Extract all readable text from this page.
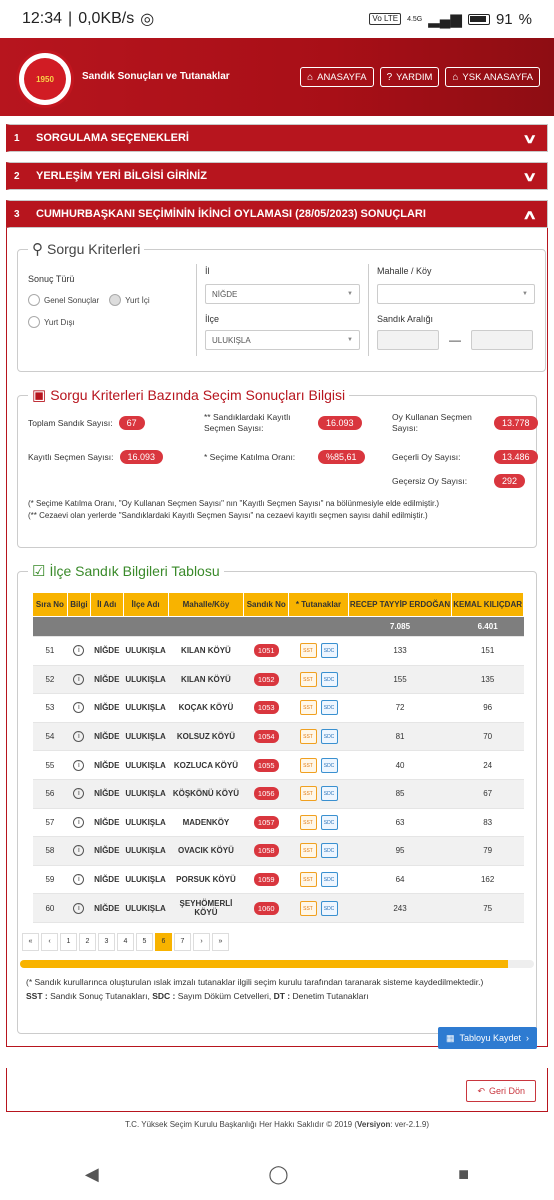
12:34 | 0,0KB/s ◎	Vo LTE	4.5G ▂▄▆ 91 %
1950	Sandık Sonuçları ve Tutanaklar	⌂ ANASAYFA ? YARDIM ⌂ YSK ANASAYFA
1	SORGULAMA SEÇENEKLERİ	∨
2	YERLEŞİM YERİ BİLGİSİ GİRİNİZ	∨
3	CUMHURBAŞKANI SEÇİMİNİN İKİNCİ OYLAMASI (28/05/2023) SONUÇLARI	∧
⚲ Sorgu Kriterleri
Sonuç Türü
Genel Sonuçlar	Yurt İçi
Yurt Dışı
İl
NİĞDE	▼
İlçe
ULUKIŞLA	▼
Mahalle / Köy
▼
Sandık Aralığı
—
▣ Sorgu Kriterleri Bazında Seçim Sonuçları Bilgisi
Toplam Sandık Sayısı:	67
** Sandıklardaki Kayıtlı Seçmen Sayısı:	16.093
Oy Kullanan Seçmen Sayısı:	13.778
Kayıtlı Seçmen Sayısı:	16.093	* Seçime Katılma Oranı:	%85,61	Geçerli Oy Sayısı:	13.486
Geçersiz Oy Sayısı:	292
(* Seçime Katılma Oranı, "Oy Kullanan Seçmen Sayısı" nın "Kayıtlı Seçmen Sayısı" na bölünmesiyle elde edilmiştir.)
(** Cezaevi olan yerlerde "Sandıklardaki Kayıtlı Seçmen Sayısı" na cezaevi kayıtlı seçmen sayısı dahil edilmiştir.)
☑ İlçe Sandık Bilgileri Tablosu
Sıra No	Bilgi	İl Adı	İlçe Adı	Mahalle/Köy	Sandık No	* Tutanaklar	RECEP TAYYİP ERDOĞAN	KEMAL KILIÇDAR
							7.085	6.401
51	i	NİĞDE	ULUKIŞLA	KILAN KÖYÜ	1051	SST SDC	133	151
52	i	NİĞDE	ULUKIŞLA	KILAN KÖYÜ	1052	SST SDC	155	135
53	i	NİĞDE	ULUKIŞLA	KOÇAK KÖYÜ	1053	SST SDC	72	96
54	i	NİĞDE	ULUKIŞLA	KOLSUZ KÖYÜ	1054	SST SDC	81	70
55	i	NİĞDE	ULUKIŞLA	KOZLUCA KÖYÜ	1055	SST SDC	40	24
56	i	NİĞDE	ULUKIŞLA	KÖŞKÖNÜ KÖYÜ	1056	SST SDC	85	67
57	i	NİĞDE	ULUKIŞLA	MADENKÖY	1057	SST SDC	63	83
58	i	NİĞDE	ULUKIŞLA	OVACIK KÖYÜ	1058	SST SDC	95	79
59	i	NİĞDE	ULUKIŞLA	PORSUK KÖYÜ	1059	SST SDC	64	162
60	i	NİĞDE	ULUKIŞLA	ŞEYHÖMERLİ KÖYÜ	1060	SST SDC	243	75
«	‹	1	2	3	4	5	6	7	›	»
(* Sandık kurullarınca oluşturulan ıslak imzalı tutanaklar ilgili seçim kurulu tarafından taranarak sisteme kaydedilmektedir.)
SST : Sandık Sonuç Tutanakları, SDC : Sayım Döküm Cetvelleri, DT : Denetim Tutanakları
▦ Tabloyu Kaydet ›
↶ Geri Dön
T.C. Yüksek Seçim Kurulu Başkanlığı Her Hakkı Saklıdır © 2019 (Versiyon: ver-2.1.9)
◀	◯	■
